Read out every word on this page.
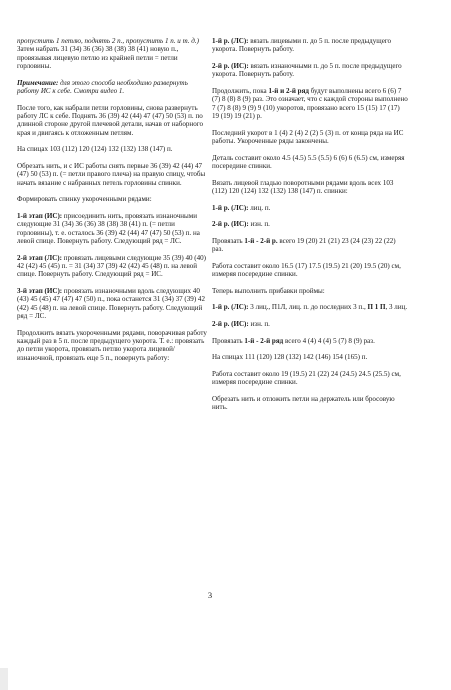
пропустить 1 петлю, поднять 2 п., пропустить 1 п. и т. д.) Затем набрать 31 (34) 36 (36) 38 (38) 38 (41) новую п., провязывая лицевую петлю из крайней петли = петли горловины.

Примечание: для этого способа необходимо развернуть работу ИС к себе. Смотри видео 1.

После того, как набрали петли горловины, снова развернуть работу ЛС к себе. Поднять 36 (39) 42 (44) 47 (47) 50 (53) п. по длинной стороне другой плечевой детали, начав от наборного края и двигаясь к отложенным петлям.

На спицах 103 (112) 120 (124) 132 (132) 138 (147) п.

Обрезать нить, и с ИС работы снять первые 36 (39) 42 (44) 47 (47) 50 (53) п. (= петли правого плеча) на правую спицу, чтобы начать вязание с набранных петель горловины спинки.

Формировать спинку укороченными рядами:

1-й этап (ИС): присоединить нить, провязать изнаночными следующие 31 (34) 36 (36) 38 (38) 38 (41) п. (= петли горловины), т. е. осталось 36 (39) 42 (44) 47 (47) 50 (53) п. на левой спице. Повернуть работу. Следующий ряд = ЛС.

2-й этап (ЛС): провязать лицевыми следующие 35 (39) 40 (40) 42 (42) 45 (45) п. = 31 (34) 37 (39) 42 (42) 45 (48) п. на левой спице. Повернуть работу. Следующий ряд = ИС.

3-й этап (ИС): провязать изнаночными вдоль следующих 40 (43) 45 (45) 47 (47) 47 (50) п., пока останется 31 (34) 37 (39) 42 (42) 45 (48) п. на левой спице. Повернуть работу. Следующий ряд = ЛС.

Продолжить вязать укороченными рядами, поворачивая работу каждый раз в 5 п. после предыдущего укорота. Т. е.: провязать до петли укорота, провязать петлю укорота лицевой/изнаночной, провязать еще 5 п., повернуть работу:

1-й р. (ЛС): вязать лицевыми п. до 5 п. после предыдущего укорота. Повернуть работу.

2-й р. (ИС): вязать изнаночными п. до 5 п. после предыдущего укорота. Повернуть работу.

Продолжить, пока 1-й и 2-й ряд будут выполнены всего 6 (6) 7 (7) 8 (8) 8 (9) раз. Это означает, что с каждой стороны выполнено 7 (7) 8 (8) 9 (9) 9 (10) укоротов, провязано всего 15 (15) 17 (17) 19 (19) 19 (21) р.

Последний укорот в 1 (4) 2 (4) 2 (2) 5 (3) п. от конца ряда на ИС работы. Укороченные ряды закончены.

Деталь составит около 4.5 (4.5) 5.5 (5.5) 6 (6) 6 (6.5) см, измеряя посередине спинки.

Вязать лицевой гладью поворотными рядами вдоль всех 103 (112) 120 (124) 132 (132) 138 (147) п. спинки:

1-й р. (ЛС): лиц. п.

2-й р. (ИС): изн. п.

Провязать 1-й - 2-й р. всего 19 (20) 21 (21) 23 (24 (23) 22 (22) раз.

Работа составит около 16.5 (17) 17.5 (19.5) 21 (20) 19.5 (20) см, измеряя посередине спинки.

Теперь выполнить прибавки проймы:

1-й р. (ЛС): 3 лиц., П1Л, лиц. п. до последних 3 п., П 1 П, 3 лиц.

2-й р. (ИС): изн. п.

Провязать 1-й - 2-й ряд всего 4 (4) 4 (4) 5 (7) 8 (9) раз.

На спицах 111 (120) 128 (132) 142 (146) 154 (165) п.

Работа составит около 19 (19.5) 21 (22) 24 (24.5) 24.5 (25.5) см, измеряя посередине спинки.

Обрезать нить и отложить петли на держатель или бросовую нить.

3
